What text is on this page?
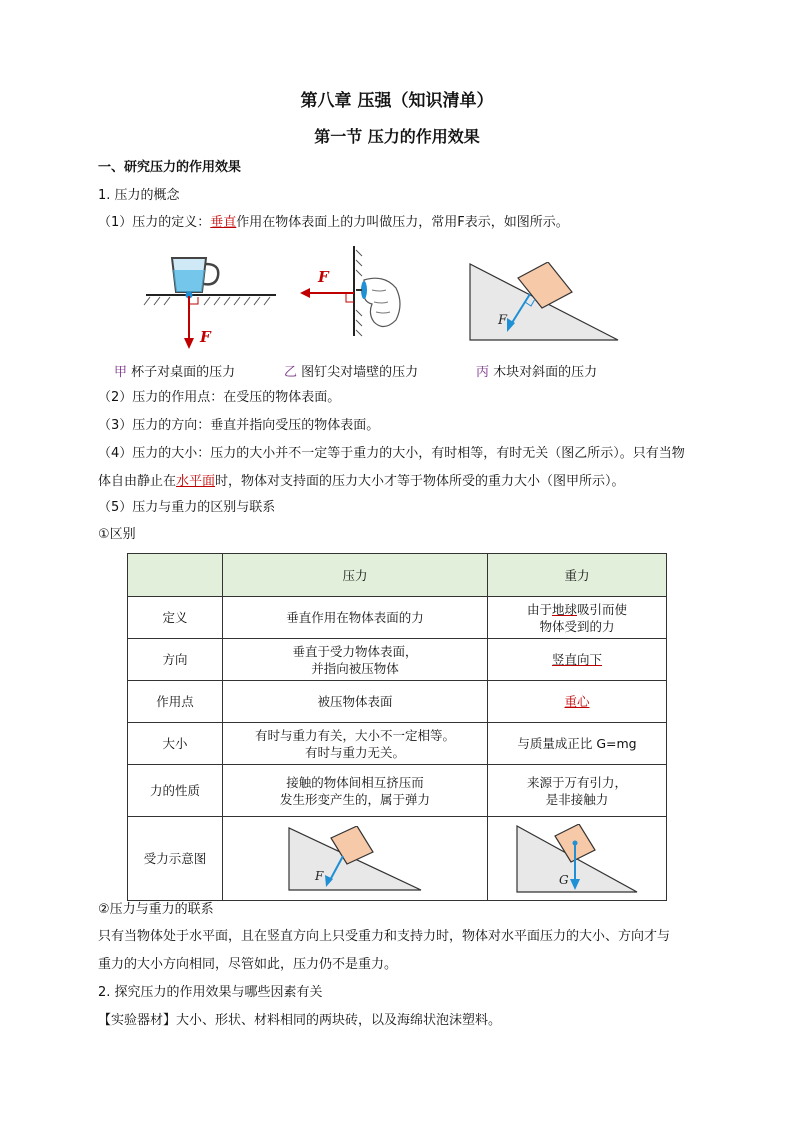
第八章 压强（知识清单）
第一节 压力的作用效果
一、研究压力的作用效果
1. 压力的概念
（1）压力的定义：垂直作用在物体表面上的力叫做压力，常用F表示，如图所示。
F
F
F
甲 杯子对桌面的压力	乙 图钉尖对墙壁的压力	丙 木块对斜面的压力
（2）压力的作用点：在受压的物体表面。
（3）压力的方向：垂直并指向受压的物体表面。
（4）压力的大小：压力的大小并不一定等于重力的大小，有时相等，有时无关（图乙所示）。只有当物
体自由静止在水平面时，物体对支持面的压力大小才等于物体所受的重力大小（图甲所示）。
（5）压力与重力的区别与联系
①区别
	压力	重力
定义	垂直作用在物体表面的力	由于地球吸引而使
物体受到的力
方向	垂直于受力物体表面，
并指向被压物体	竖直向下
作用点	被压物体表面	重心
大小	有时与重力有关，大小不一定相等。
有时与重力无关。	与质量成正比 G=mg
力的性质	接触的物体间相互挤压而
发生形变产生的，属于弹力	来源于万有引力，
是非接触力
受力示意图	F	G
②压力与重力的联系
只有当物体处于水平面，且在竖直方向上只受重力和支持力时，物体对水平面压力的大小、方向才与
重力的大小方向相同，尽管如此，压力仍不是重力。
2. 探究压力的作用效果与哪些因素有关
【实验器材】大小、形状、材料相同的两块砖，以及海绵状泡沫塑料。
